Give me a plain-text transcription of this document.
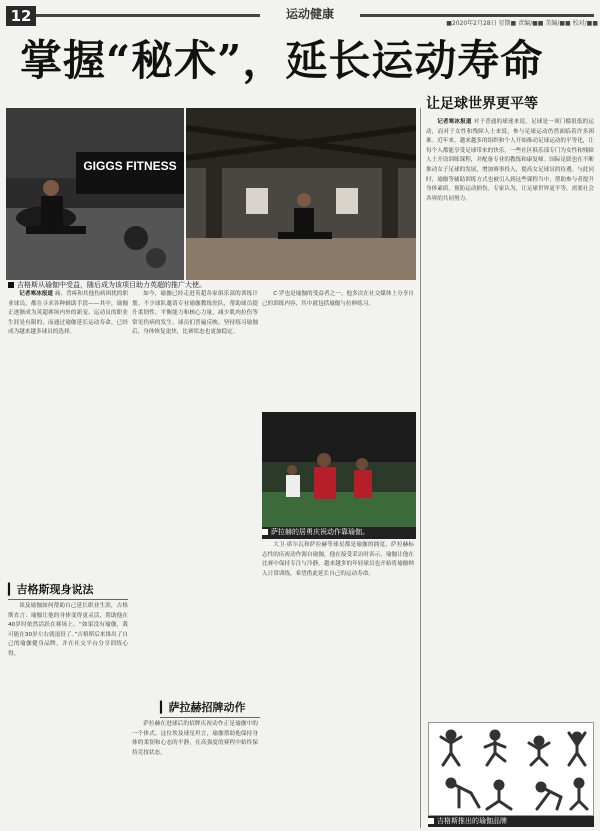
12	运动健康
■2020年2月28日 星期■ 责编/■■ 美编/■■ 校对/■■
掌握“秘术”，延长运动寿命
GIGGS FITNESS
吉格斯从瑜伽中受益，随后成为该项目助力英超的推广大使。

记者寒冰报道 痛、背疼和其他伤病困扰的职业球员，都在寻求各种辅助手段——其中，瑜伽正逐渐成为英超赛场内外的新宠。运动员的职业生涯是有限的，而通过瑜伽延长运动寿命，已经成为越来越多球员的选择。

▎ 吉格斯现身说法

谈及瑜伽如何帮助自己延长职业生涯，吉格斯直言：瑜伽让他的身体变得更灵活，帮助他在40岁时依然活跃在赛场上。“如果没有瑜伽，我可能在30岁左右就退役了。”吉格斯后来推出了自己的瑜伽健身品牌，并在社交平台分享训练心得。

如今，瑜伽已经走进英超各家俱乐部的训练计划。不少球队邀请专业瑜伽教练驻队，帮助球员提升柔韧性、平衡能力和核心力量，减少肌肉拉伤等常见伤病的发生。球员们普遍反映，坚持练习瑜伽后，身体恢复更快，比赛状态也更加稳定。

▎ 萨拉赫招牌动作

萨拉赫在进球后的招牌庆祝动作正是瑜伽中的一个体式。这位埃及球星坦言，瑜伽帮助他保持身体的柔韧和心态的平静，在高强度的赛程中始终保持竞技状态。

C·罗也是瑜伽的受益者之一。他多次在社交媒体上分享自己的训练内容，其中就包括瑜伽与拉伸练习。

萨拉赫的居勇庆祝动作靠瑜伽。

大卫·席尔瓦和萨拉赫等球星都是瑜伽的拥趸。萨拉赫标志性的庆祝动作源自瑜伽，他在接受采访时表示，瑜伽让他在比赛中保持专注与冷静。越来越多的年轻球员也开始将瑜伽纳入日常训练，希望借此延长自己的运动寿命。

让足球世界更平等

记者寒冰报道 对于普通的球迷来说，足球是一项门槛很低的运动，而对于女性和残障人士来说，参与足球运动仍然面临着许多困难。近年来，越来越多的组织和个人开始推动足球运动的平等化，让每个人都能享受足球带来的快乐。一些社区俱乐部专门为女性和残障人士开设训练课程，并配备专业的教练和康复师。国际足联也在不断推动女子足球的发展，增加赛事投入，提高女足球员的待遇。与此同时，瑜伽等辅助训练方式也被引入到这些课程当中，帮助参与者提升身体素质，预防运动损伤。专家认为，让足球世界更平等，需要社会各界的共同努力。

吉格斯推出的瑜伽品牌
